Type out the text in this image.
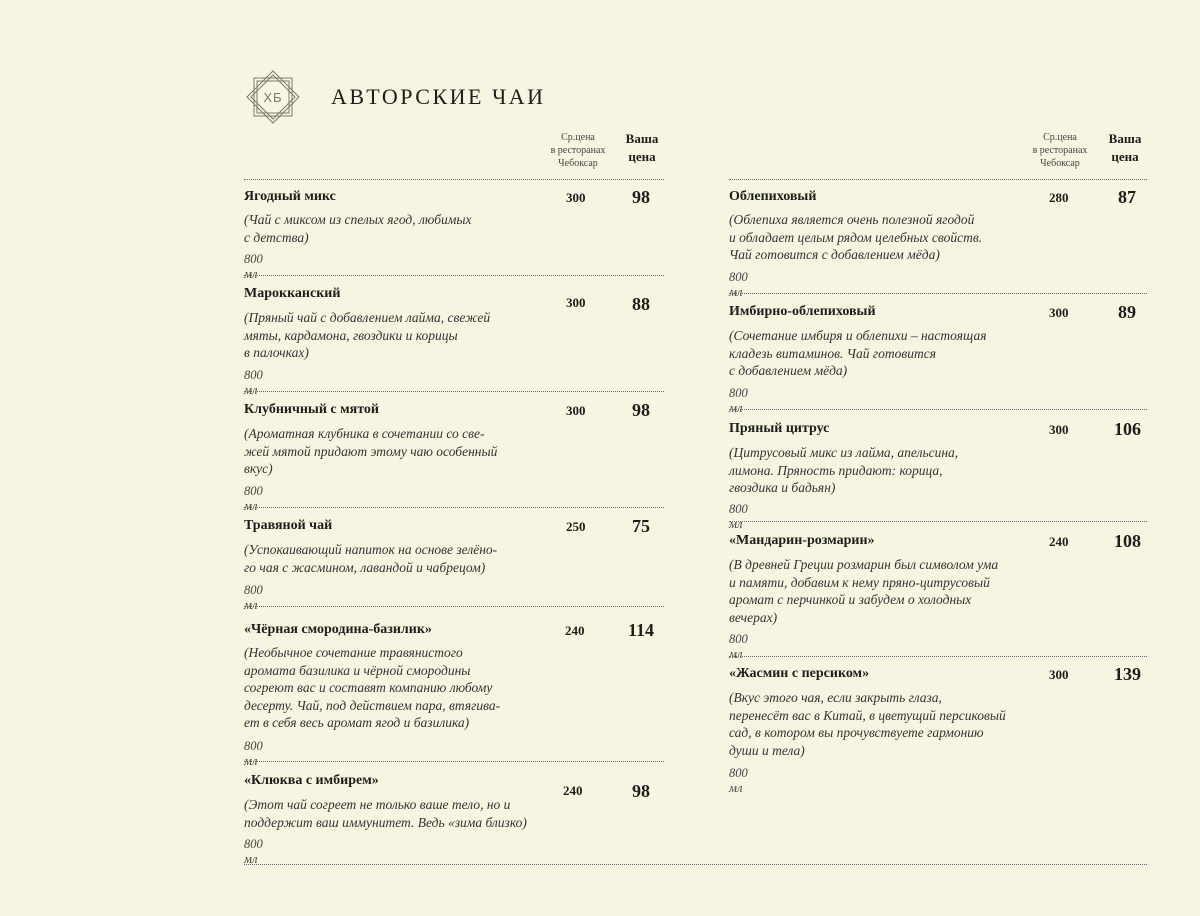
ХБ АВТОРСКИЕ ЧАИ
Ср.цена
в ресторанах
Чебоксар
Ваша
цена
Ср.цена
в ресторанах
Чебоксар
Ваша
цена
Ягодный микс
(Чай с миксом из спелых ягод, любимых
с детства)
800 мл
300	98
Марокканский
(Пряный чай с добавлением лайма, свежей
мяты, кардамона, гвоздики и корицы
в палочках)
800 мл
300	88
Клубничный с мятой
(Ароматная клубника в сочетании со све-
жей мятой придают этому чаю особенный
вкус)
800 мл
300	98
Травяной чай
(Успокаивающий напиток на основе зелёно-
го чая с жасмином, лавандой и чабрецом)
800 мл
250	75
«Чёрная смородина-базилик»
(Необычное сочетание травянистого
аромата базилика и чёрной смородины
согреют вас и составят компанию любому
десерту. Чай, под действием пара, втягива-
ет в себя весь аромат ягод и базилика)
800 мл
240 114
«Клюква с имбирем»
(Этот чай согреет не только ваше тело, но и
поддержит ваш иммунитет. Ведь «зима близко)
800 мл
240	98
Облепиховый
(Облепиха является очень полезной ягодой
и обладает целым рядом целебных свойств.
Чай готовится с добавлением мёда)
800 мл
280	87
Имбирно-облепиховый
(Сочетание имбиря и облепихи – настоящая
кладезь витаминов. Чай готовится
с добавлением мёда)
800 мл
300	89
Пряный цитрус
(Цитрусовый микс из лайма, апельсина,
лимона. Пряность придают: корица,
гвоздика и бадьян)
800 мл
300	106
«Мандарин-розмарин»
(В древней Греции розмарин был символом ума
и памяти, добавим к нему пряно-цитрусовый
аромат с перчинкой и забудем о холодных
вечерах)
800 мл
240	108
«Жасмин с персиком»
(Вкус этого чая, если закрыть глаза,
перенесёт вас в Китай, в цветущий персиковый
сад, в котором вы прочувствуете гармонию
души и тела)
800 мл
300	139
